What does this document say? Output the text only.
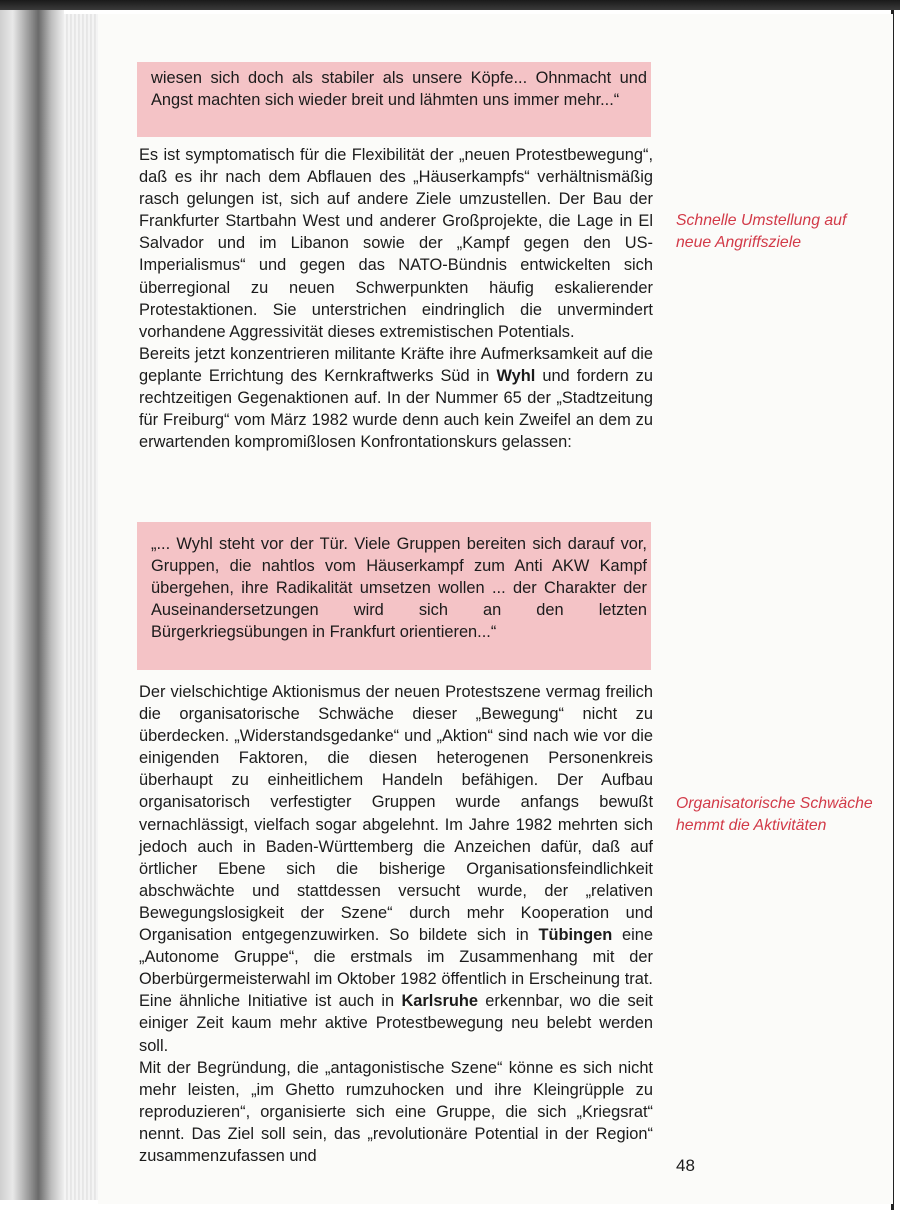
wiesen sich doch als stabiler als unsere Köpfe... Ohnmacht und Angst machten sich wieder breit und lähmten uns immer mehr...“

Es ist symptomatisch für die Flexibilität der „neuen Protestbewegung“, daß es ihr nach dem Abflauen des „Häuserkampfs“ verhältnismäßig rasch gelungen ist, sich auf andere Ziele umzustellen. Der Bau der Frankfurter Startbahn West und anderer Großprojekte, die Lage in El Salvador und im Libanon sowie der „Kampf gegen den US-Imperialismus“ und gegen das NATO-Bündnis entwickelten sich überregional zu neuen Schwerpunkten häufig eskalierender Protestaktionen. Sie unterstrichen eindringlich die unvermindert vorhandene Aggressivität dieses extremistischen Potentials.

Bereits jetzt konzentrieren militante Kräfte ihre Aufmerksamkeit auf die geplante Errichtung des Kernkraftwerks Süd in Wyhl und fordern zu rechtzeitigen Gegenaktionen auf. In der Nummer 65 der „Stadtzeitung für Freiburg“ vom März 1982 wurde denn auch kein Zweifel an dem zu erwartenden kompromißlosen Konfrontationskurs gelassen:

„... Wyhl steht vor der Tür. Viele Gruppen bereiten sich darauf vor, Gruppen, die nahtlos vom Häuserkampf zum Anti AKW Kampf übergehen, ihre Radikalität umsetzen wollen ... der Charakter der Auseinandersetzungen wird sich an den letzten Bürgerkriegsübungen in Frankfurt orientieren...“

Der vielschichtige Aktionismus der neuen Protestszene vermag freilich die organisatorische Schwäche dieser „Bewegung“ nicht zu überdecken. „Widerstandsgedanke“ und „Aktion“ sind nach wie vor die einigenden Faktoren, die diesen heterogenen Personenkreis überhaupt zu einheitlichem Handeln befähigen. Der Aufbau organisatorisch verfestigter Gruppen wurde anfangs bewußt vernachlässigt, vielfach sogar abgelehnt. Im Jahre 1982 mehrten sich jedoch auch in Baden-Württemberg die Anzeichen dafür, daß auf örtlicher Ebene sich die bisherige Organisationsfeindlichkeit abschwächte und stattdessen versucht wurde, der „relativen Bewegungslosigkeit der Szene“ durch mehr Kooperation und Organisation entgegenzuwirken. So bildete sich in Tübingen eine „Autonome Gruppe“, die erstmals im Zusammenhang mit der Oberbürgermeisterwahl im Oktober 1982 öffentlich in Erscheinung trat. Eine ähnliche Initiative ist auch in Karlsruhe erkennbar, wo die seit einiger Zeit kaum mehr aktive Protestbewegung neu belebt werden soll.

Mit der Begründung, die „antagonistische Szene“ könne es sich nicht mehr leisten, „im Ghetto rumzuhocken und ihre Kleingrüpple zu reproduzieren“, organisierte sich eine Gruppe, die sich „Kriegsrat“ nennt. Das Ziel soll sein, das „revolutionäre Potential in der Region“ zusammenzufassen und

Schnelle Umstellung auf neue Angriffsziele
Organisatorische Schwäche hemmt die Aktivitäten
48
